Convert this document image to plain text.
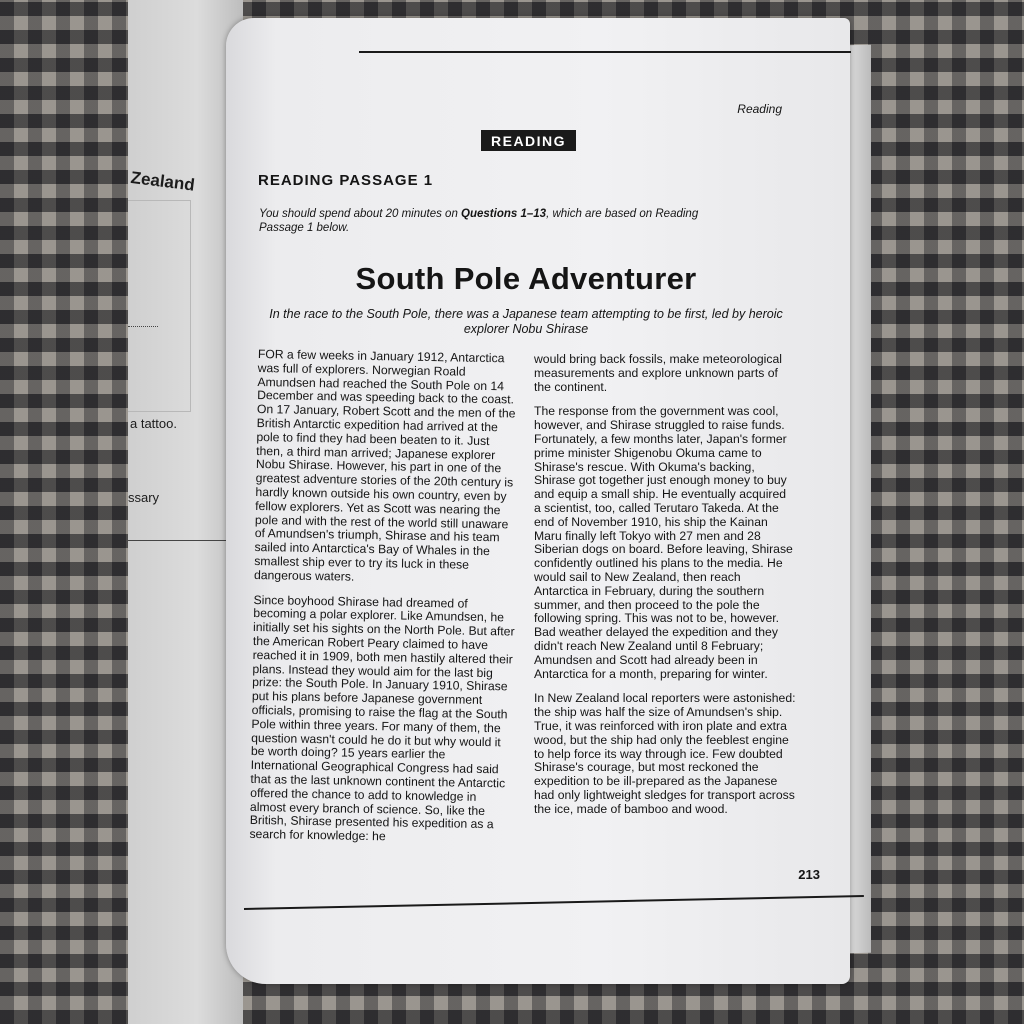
Zealand
a tattoo.
ssary
Reading
READING
READING PASSAGE 1
You should spend about 20 minutes on Questions 1–13, which are based on Reading Passage 1 below.
South Pole Adventurer
In the race to the South Pole, there was a Japanese team attempting to be first, led by heroic explorer Nobu Shirase

FOR a few weeks in January 1912, Antarctica was full of explorers. Norwegian Roald Amundsen had reached the South Pole on 14 December and was speeding back to the coast. On 17 January, Robert Scott and the men of the British Antarctic expedition had arrived at the pole to find they had been beaten to it. Just then, a third man arrived; Japanese explorer Nobu Shirase. However, his part in one of the greatest adventure stories of the 20th century is hardly known outside his own country, even by fellow explorers. Yet as Scott was nearing the pole and with the rest of the world still unaware of Amundsen's triumph, Shirase and his team sailed into Antarctica's Bay of Whales in the smallest ship ever to try its luck in these dangerous waters.

Since boyhood Shirase had dreamed of becoming a polar explorer. Like Amundsen, he initially set his sights on the North Pole. But after the American Robert Peary claimed to have reached it in 1909, both men hastily altered their plans. Instead they would aim for the last big prize: the South Pole. In January 1910, Shirase put his plans before Japanese government officials, promising to raise the flag at the South Pole within three years. For many of them, the question wasn't could he do it but why would it be worth doing? 15 years earlier the International Geographical Congress had said that as the last unknown continent the Antarctic offered the chance to add to knowledge in almost every branch of science. So, like the British, Shirase presented his expedition as a search for knowledge: he

would bring back fossils, make meteorological measurements and explore unknown parts of the continent.

The response from the government was cool, however, and Shirase struggled to raise funds. Fortunately, a few months later, Japan's former prime minister Shigenobu Okuma came to Shirase's rescue. With Okuma's backing, Shirase got together just enough money to buy and equip a small ship. He eventually acquired a scientist, too, called Terutaro Takeda. At the end of November 1910, his ship the Kainan Maru finally left Tokyo with 27 men and 28 Siberian dogs on board. Before leaving, Shirase confidently outlined his plans to the media. He would sail to New Zealand, then reach Antarctica in February, during the southern summer, and then proceed to the pole the following spring. This was not to be, however. Bad weather delayed the expedition and they didn't reach New Zealand until 8 February; Amundsen and Scott had already been in Antarctica for a month, preparing for winter.

In New Zealand local reporters were astonished: the ship was half the size of Amundsen's ship. True, it was reinforced with iron plate and extra wood, but the ship had only the feeblest engine to help force its way through ice. Few doubted Shirase's courage, but most reckoned the expedition to be ill-prepared as the Japanese had only lightweight sledges for transport across the ice, made of bamboo and wood.

213
